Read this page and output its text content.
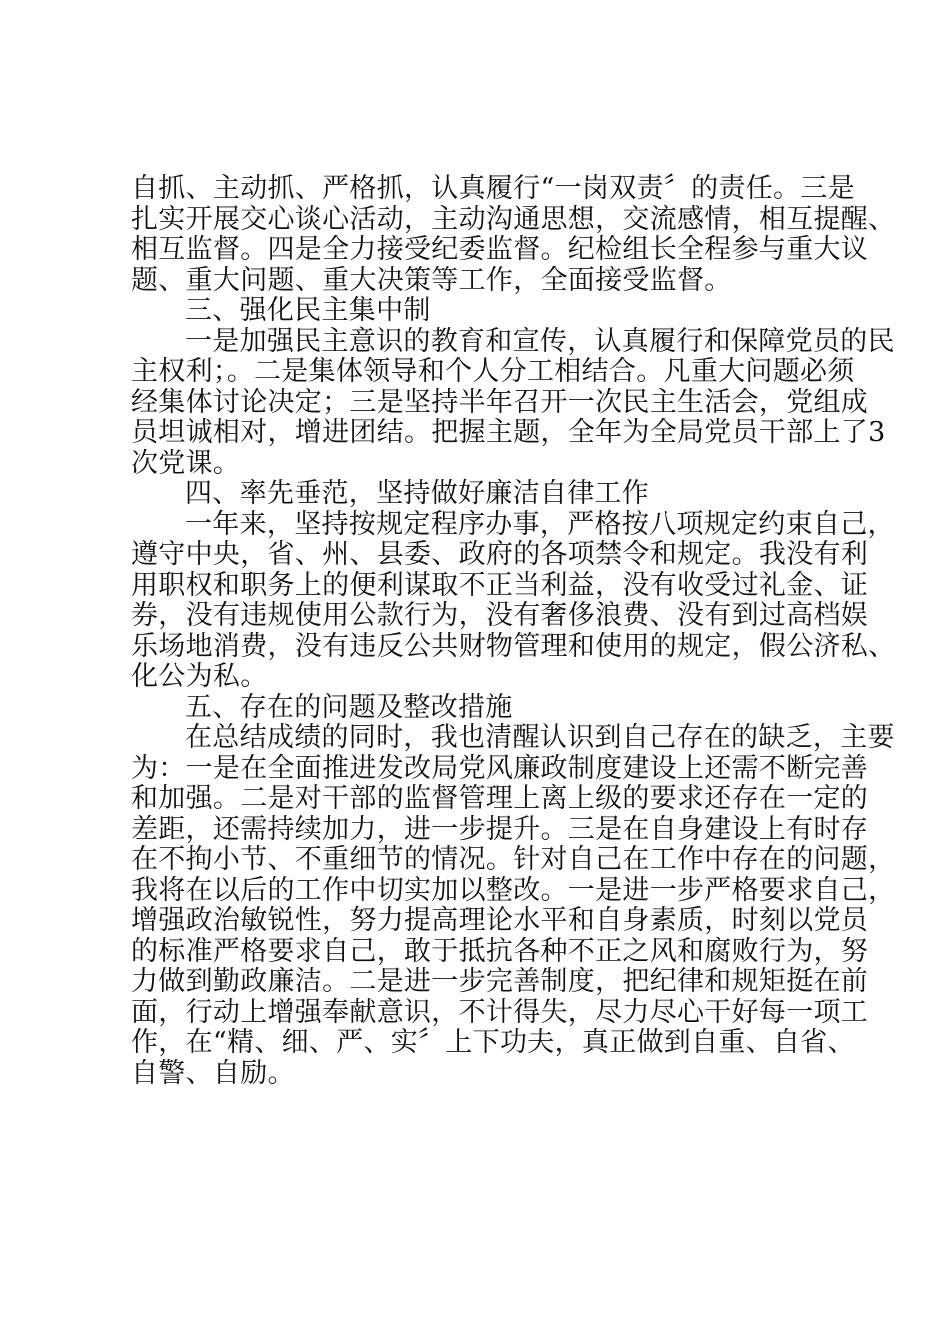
自抓、主动抓、严格抓，认真履行“一岗双责〞的责任。三是
扎实开展交心谈心活动，主动沟通思想，交流感情，相互提醒、
相互监督。四是全力接受纪委监督。纪检组长全程参与重大议
题、重大问题、重大决策等工作，全面接受监督。
三、强化民主集中制
一是加强民主意识的教育和宣传，认真履行和保障党员的民
主权利；。二是集体领导和个人分工相结合。凡重大问题必须
经集体讨论决定；三是坚持半年召开一次民主生活会，党组成
员坦诚相对，增进团结。把握主题，全年为全局党员干部上了3
次党课。
四、率先垂范，坚持做好廉洁自律工作
一年来，坚持按规定程序办事，严格按八项规定约束自己，
遵守中央，省、州、县委、政府的各项禁令和规定。我没有利
用职权和职务上的便利谋取不正当利益，没有收受过礼金、证
券，没有违规使用公款行为，没有奢侈浪费、没有到过高档娱
乐场地消费，没有违反公共财物管理和使用的规定，假公济私、
化公为私。
五、存在的问题及整改措施
在总结成绩的同时，我也清醒认识到自己存在的缺乏，主要
为：一是在全面推进发改局党风廉政制度建设上还需不断完善
和加强。二是对干部的监督管理上离上级的要求还存在一定的
差距，还需持续加力，进一步提升。三是在自身建设上有时存
在不拘小节、不重细节的情况。针对自己在工作中存在的问题，
我将在以后的工作中切实加以整改。一是进一步严格要求自己，
增强政治敏锐性，努力提高理论水平和自身素质，时刻以党员
的标准严格要求自己，敢于抵抗各种不正之风和腐败行为，努
力做到勤政廉洁。二是进一步完善制度，把纪律和规矩挺在前
面，行动上增强奉献意识，不计得失，尽力尽心干好每一项工
作，在“精、细、严、实〞上下功夫，真正做到自重、自省、
自警、自励。
